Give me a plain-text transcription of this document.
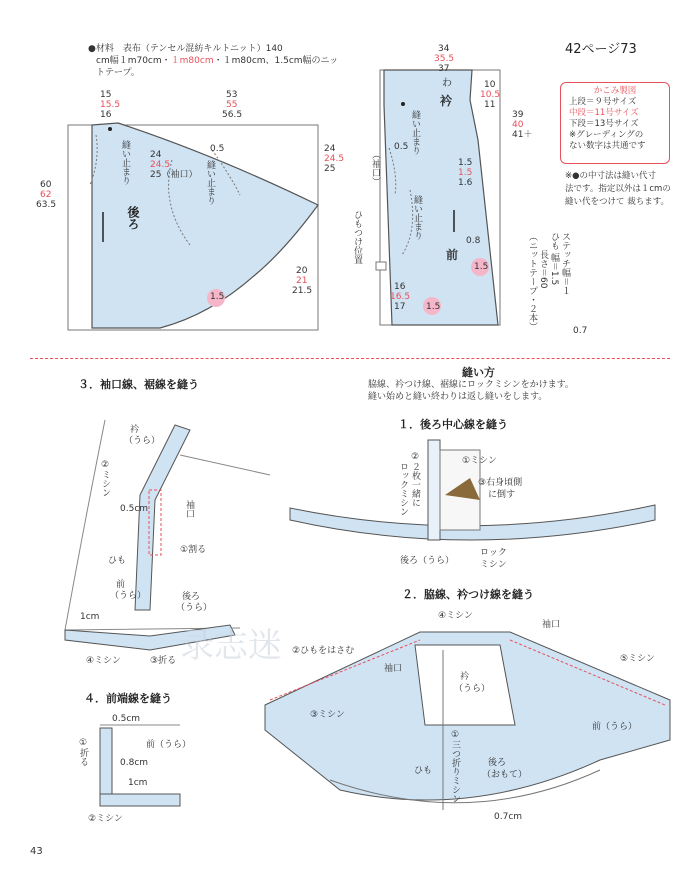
●材料　表布（テンセル混紡キルトニット）140
cm幅１m70cm・１m80cm・１m80cm、1.5cm幅のニッ
トテープ。
42ページ73
かこみ製図
上段＝９号サイズ
中段＝11号サイズ
下段＝13号サイズ
※グレーディングの
ない数字は共通です
※●の中寸法は縫い代寸
法です。指定以外は１cmの
縫い代をつけて 裁ちます。
ステッチ幅＝１
ひも 幅＝1.5
長さ＝60
（ニットテープ・２本）	0.7
15
15.5
16
53
55
56.5
60
62
63.5
24
24.5
25（袖口）
0.5	24
24.5
25
20
21
21.5
1.5
縫い止まり	縫い止まり
後ろ
34
35.5
37
わ
衿
10
10.5
11
39
40
41＋
0.5
1.5
1.5
1.6
0.8
1.5
（袖口）
縫い止まり
縫い止まり
ひもつけ位置
16
16.5
17 1.5
前
縫い方
脇線、衿つけ線、裾線にロックミシンをかけます。
縫い始めと縫い終わりは返し縫いをします。
１．後ろ中心線を縫う
①ミシン
②２枚一緒に
ロックミシン	③右身頃側
に倒す
後ろ（うら）
ロック
ミシン
２．脇線、衿つけ線を縫う
④ミシン
袖口
②ひもをはさむ
袖口
⑤ミシン
衿
（うら）
③ミシン
前（うら）
①三つ折りミシン	後ろ
（おもて）
ひも
0.7cm
３．袖口線、裾線を縫う
衿
（うら）
②ミシン
0.5cm	袖口
①割る
ひも
前
（うら）	後ろ
（うら）
1cm
④ミシン	③折る
４．前端線を縫う
0.5cm
①折る	前（うら）
0.8cm
1cm
②ミシン
43
录志迷
